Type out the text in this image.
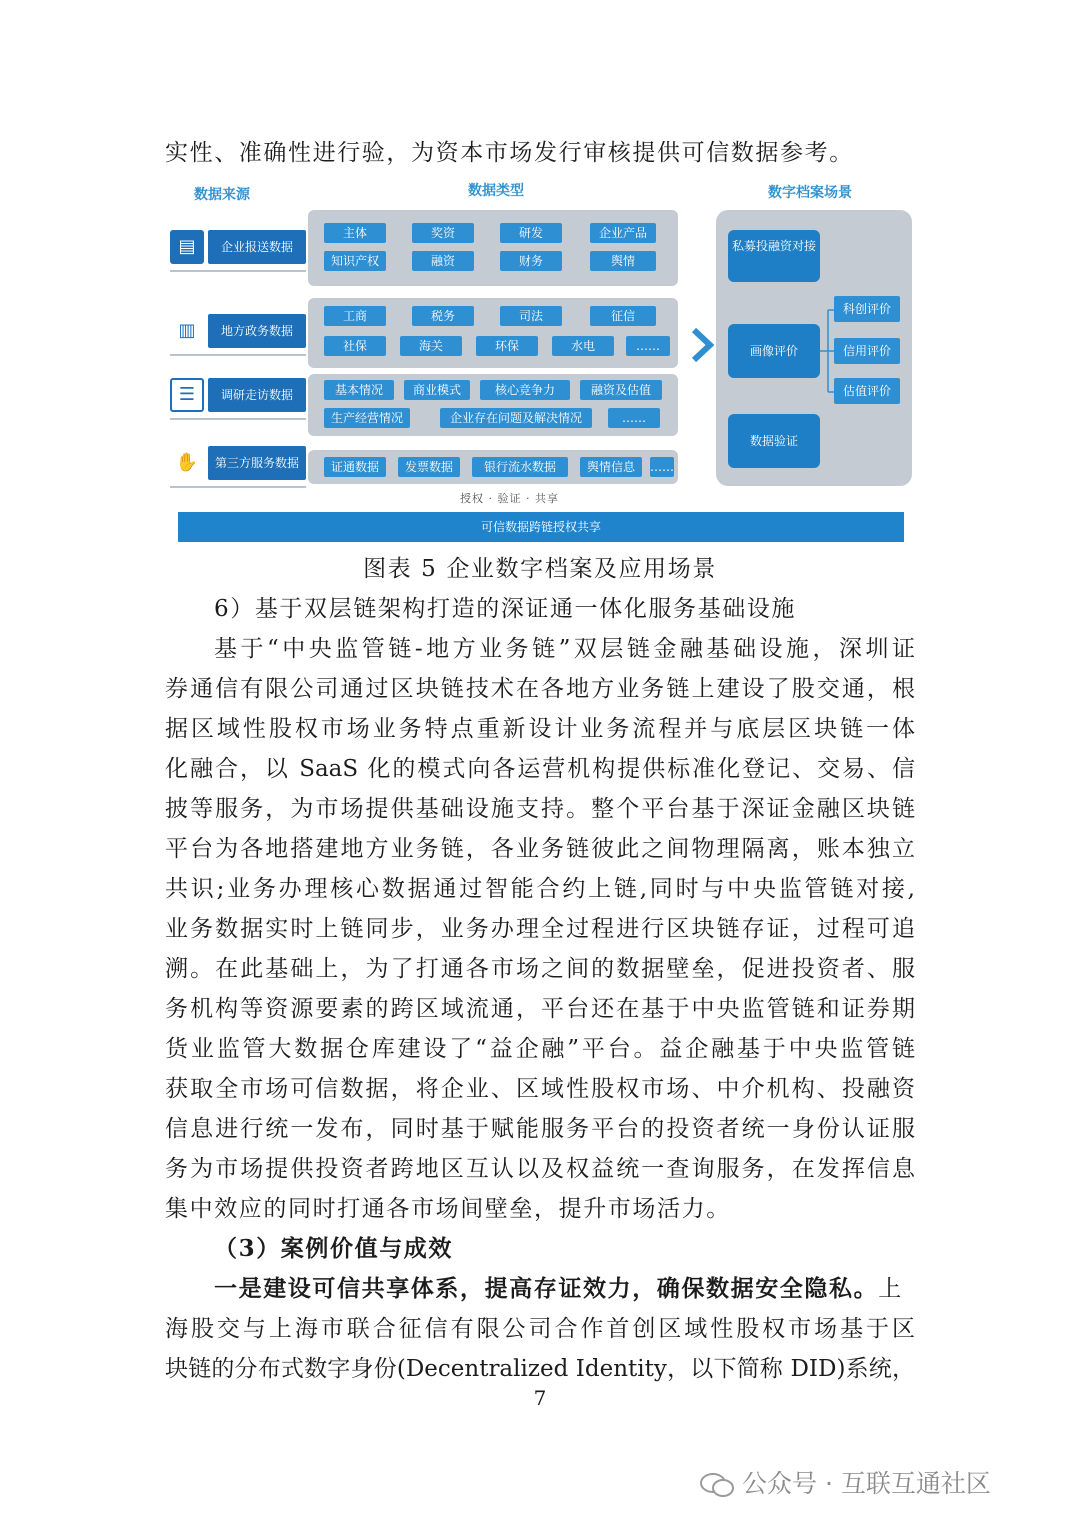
实性、准确性进行验，为资本市场发行审核提供可信数据参考。
数据来源	数据类型	数字档案场景
▤	企业报送数据
▥	地方政务数据
☰	调研走访数据
✋	第三方服务数据
主体	奖资	研发	企业产品
知识产权	融资	财务	舆情
工商	税务	司法	征信
社保	海关	环保	水电	……
基本情况	商业模式	核心竞争力	融资及估值
生产经营情况	企业存在问题及解决情况	……
证通数据	发票数据	银行流水数据	舆情信息	……
私募投融资对接
画像评价
数据验证
科创评价
信用评价
估值评价
授权 · 验证 · 共享
可信数据跨链授权共享
图表 5 企业数字档案及应用场景
6）基于双层链架构打造的深证通一体化服务基础设施
基于“中央监管链-地方业务链”双层链金融基础设施，深圳证
券通信有限公司通过区块链技术在各地方业务链上建设了股交通，根
据区域性股权市场业务特点重新设计业务流程并与底层区块链一体
化融合，以 SaaS 化的模式向各运营机构提供标准化登记、交易、信
披等服务，为市场提供基础设施支持。整个平台基于深证金融区块链
平台为各地搭建地方业务链，各业务链彼此之间物理隔离，账本独立
共识;业务办理核心数据通过智能合约上链,同时与中央监管链对接,
业务数据实时上链同步，业务办理全过程进行区块链存证，过程可追
溯。在此基础上，为了打通各市场之间的数据壁垒，促进投资者、服
务机构等资源要素的跨区域流通，平台还在基于中央监管链和证券期
货业监管大数据仓库建设了“益企融”平台。益企融基于中央监管链
获取全市场可信数据，将企业、区域性股权市场、中介机构、投融资
信息进行统一发布，同时基于赋能服务平台的投资者统一身份认证服
务为市场提供投资者跨地区互认以及权益统一查询服务，在发挥信息
集中效应的同时打通各市场间壁垒，提升市场活力。
（3）案例价值与成效
一是建设可信共享体系，提高存证效力，确保数据安全隐私。上
海股交与上海市联合征信有限公司合作首创区域性股权市场基于区
块链的分布式数字身份(Decentralized Identity，以下简称 DID)系统，
7
公众号 · 互联互通社区
